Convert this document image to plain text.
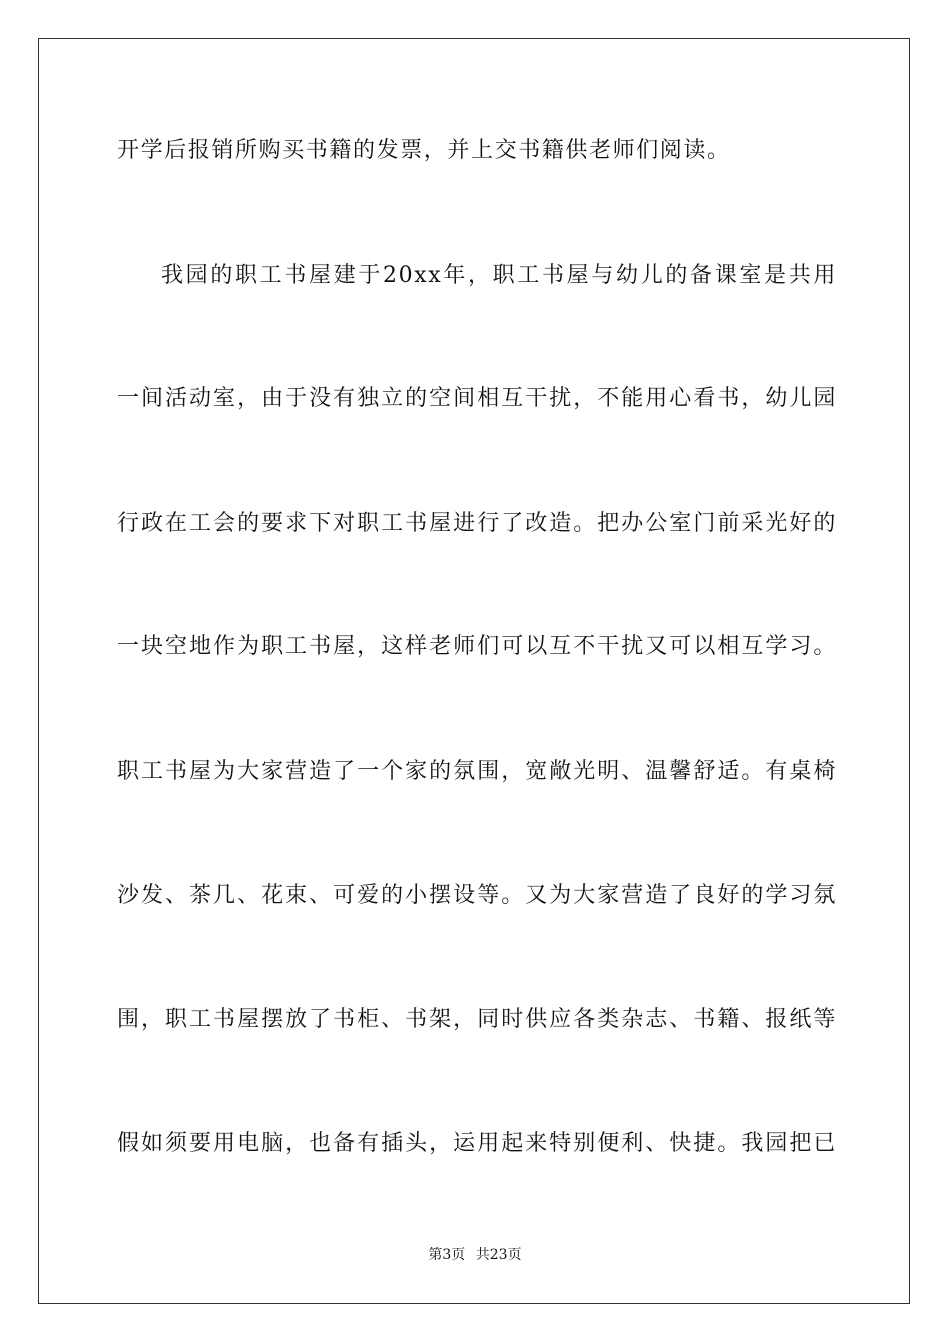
开学后报销所购买书籍的发票，并上交书籍供老师们阅读。
我园的职工书屋建于20xx年，职工书屋与幼儿的备课室是共用
一间活动室，由于没有独立的空间相互干扰，不能用心看书，幼儿园
行政在工会的要求下对职工书屋进行了改造。把办公室门前采光好的
一块空地作为职工书屋，这样老师们可以互不干扰又可以相互学习。
职工书屋为大家营造了一个家的氛围，宽敞光明、温馨舒适。有桌椅
沙发、茶几、花束、可爱的小摆设等。又为大家营造了良好的学习氛
围，职工书屋摆放了书柜、书架，同时供应各类杂志、书籍、报纸等
假如须要用电脑，也备有插头，运用起来特别便利、快捷。我园把已
第3页 共23页
